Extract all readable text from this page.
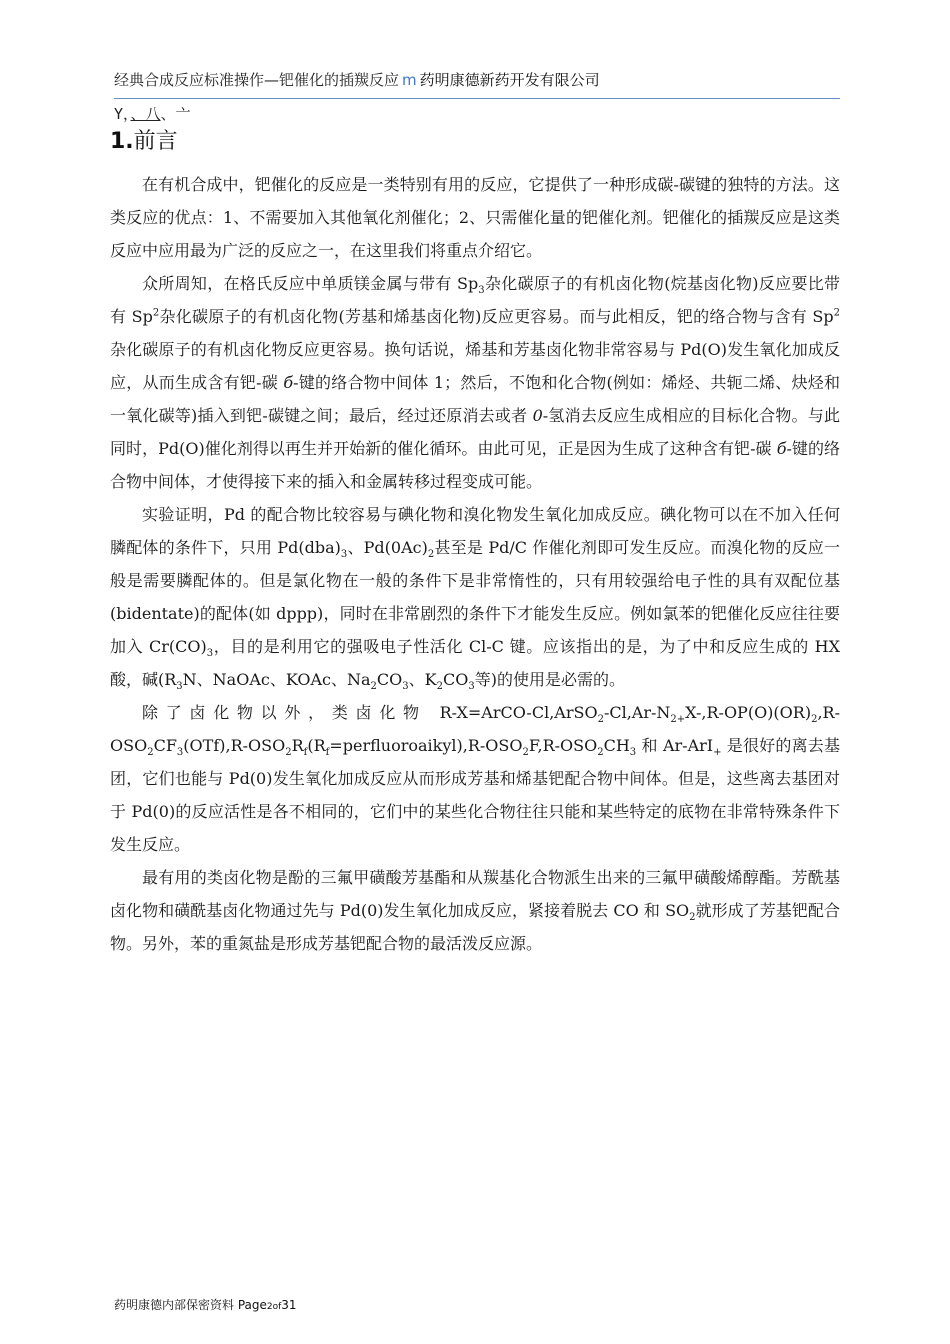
经典合成反应标准操作—钯催化的插羰反应 m 药明康德新药开发有限公司
Y，、八、亠
1.前言

在有机合成中，钯催化的反应是一类特别有用的反应，它提供了一种形成碳-碳键的独特的方法。这类反应的优点：1、不需要加入其他氧化剂催化；2、只需催化量的钯催化剂。钯催化的插羰反应是这类反应中应用最为广泛的反应之一，在这里我们将重点介绍它。

众所周知，在格氏反应中单质镁金属与带有 $Sp_3$杂化碳原子的有机卤化物(烷基卤化物)反应要比带有 Sp$^2$杂化碳原子的有机卤化物(芳基和烯基卤化物)反应更容易。而与此相反，钯的络合物与含有 Sp$^2$杂化碳原子的有机卤化物反应更容易。换句话说，烯基和芳基卤化物非常容易与 Pd(O)发生氧化加成反应，从而生成含有钯-碳 б-键的络合物中间体 1；然后，不饱和化合物(例如：烯烃、共轭二烯、炔烃和一氧化碳等)插入到钯-碳键之间；最后，经过还原消去或者 0-氢消去反应生成相应的目标化合物。与此同时，Pd(O)催化剂得以再生并开始新的催化循环。由此可见，正是因为生成了这种含有钯-碳 б-键的络合物中间体，才使得接下来的插入和金属转移过程变成可能。

实验证明，Pd 的配合物比较容易与碘化物和溴化物发生氧化加成反应。碘化物可以在不加入任何膦配体的条件下，只用 $Pd(dba)_3$、$Pd(0Ac)_2$甚至是 Pd/C 作催化剂即可发生反应。而溴化物的反应一般是需要膦配体的。但是氯化物在一般的条件下是非常惰性的，只有用较强给电子性的具有双配位基(bidentate)的配体(如 dppp)，同时在非常剧烈的条件下才能发生反应。例如氯苯的钯催化反应往往要加入 $Cr(CO)_3$，目的是利用它的强吸电子性活化 Cl-C 键。应该指出的是，为了中和反应生成的 HX 酸，碱($R_3N$、NaOAc、KOAc、$Na_2CO_3$、$K_2CO_3$等)的使用是必需的。

除了卤化物以外，类卤化物 $R-X=ArCO-Cl,ArSO_2-Cl,Ar-N_{2+}X-,R-OP(O)(OR)_2,R-OSO_2CF_3(OTf),R-OSO_2R_f(R_f=perfluoroaikyl),R-OSO_2F,R-OSO_2CH_3$ 和 Ar-ArI$_+$ 是很好的离去基团，它们也能与 Pd(0)发生氧化加成反应从而形成芳基和烯基钯配合物中间体。但是，这些离去基团对于 Pd(0)的反应活性是各不相同的，它们中的某些化合物往往只能和某些特定的底物在非常特殊条件下发生反应。

最有用的类卤化物是酚的三氟甲磺酸芳基酯和从羰基化合物派生出来的三氟甲磺酸烯醇酯。芳酰基卤化物和磺酰基卤化物通过先与 Pd(0)发生氧化加成反应，紧接着脱去 CO 和 $SO_2$就形成了芳基钯配合物。另外，苯的重氮盐是形成芳基钯配合物的最活泼反应源。

药明康德内部保密资料 Page2of31
